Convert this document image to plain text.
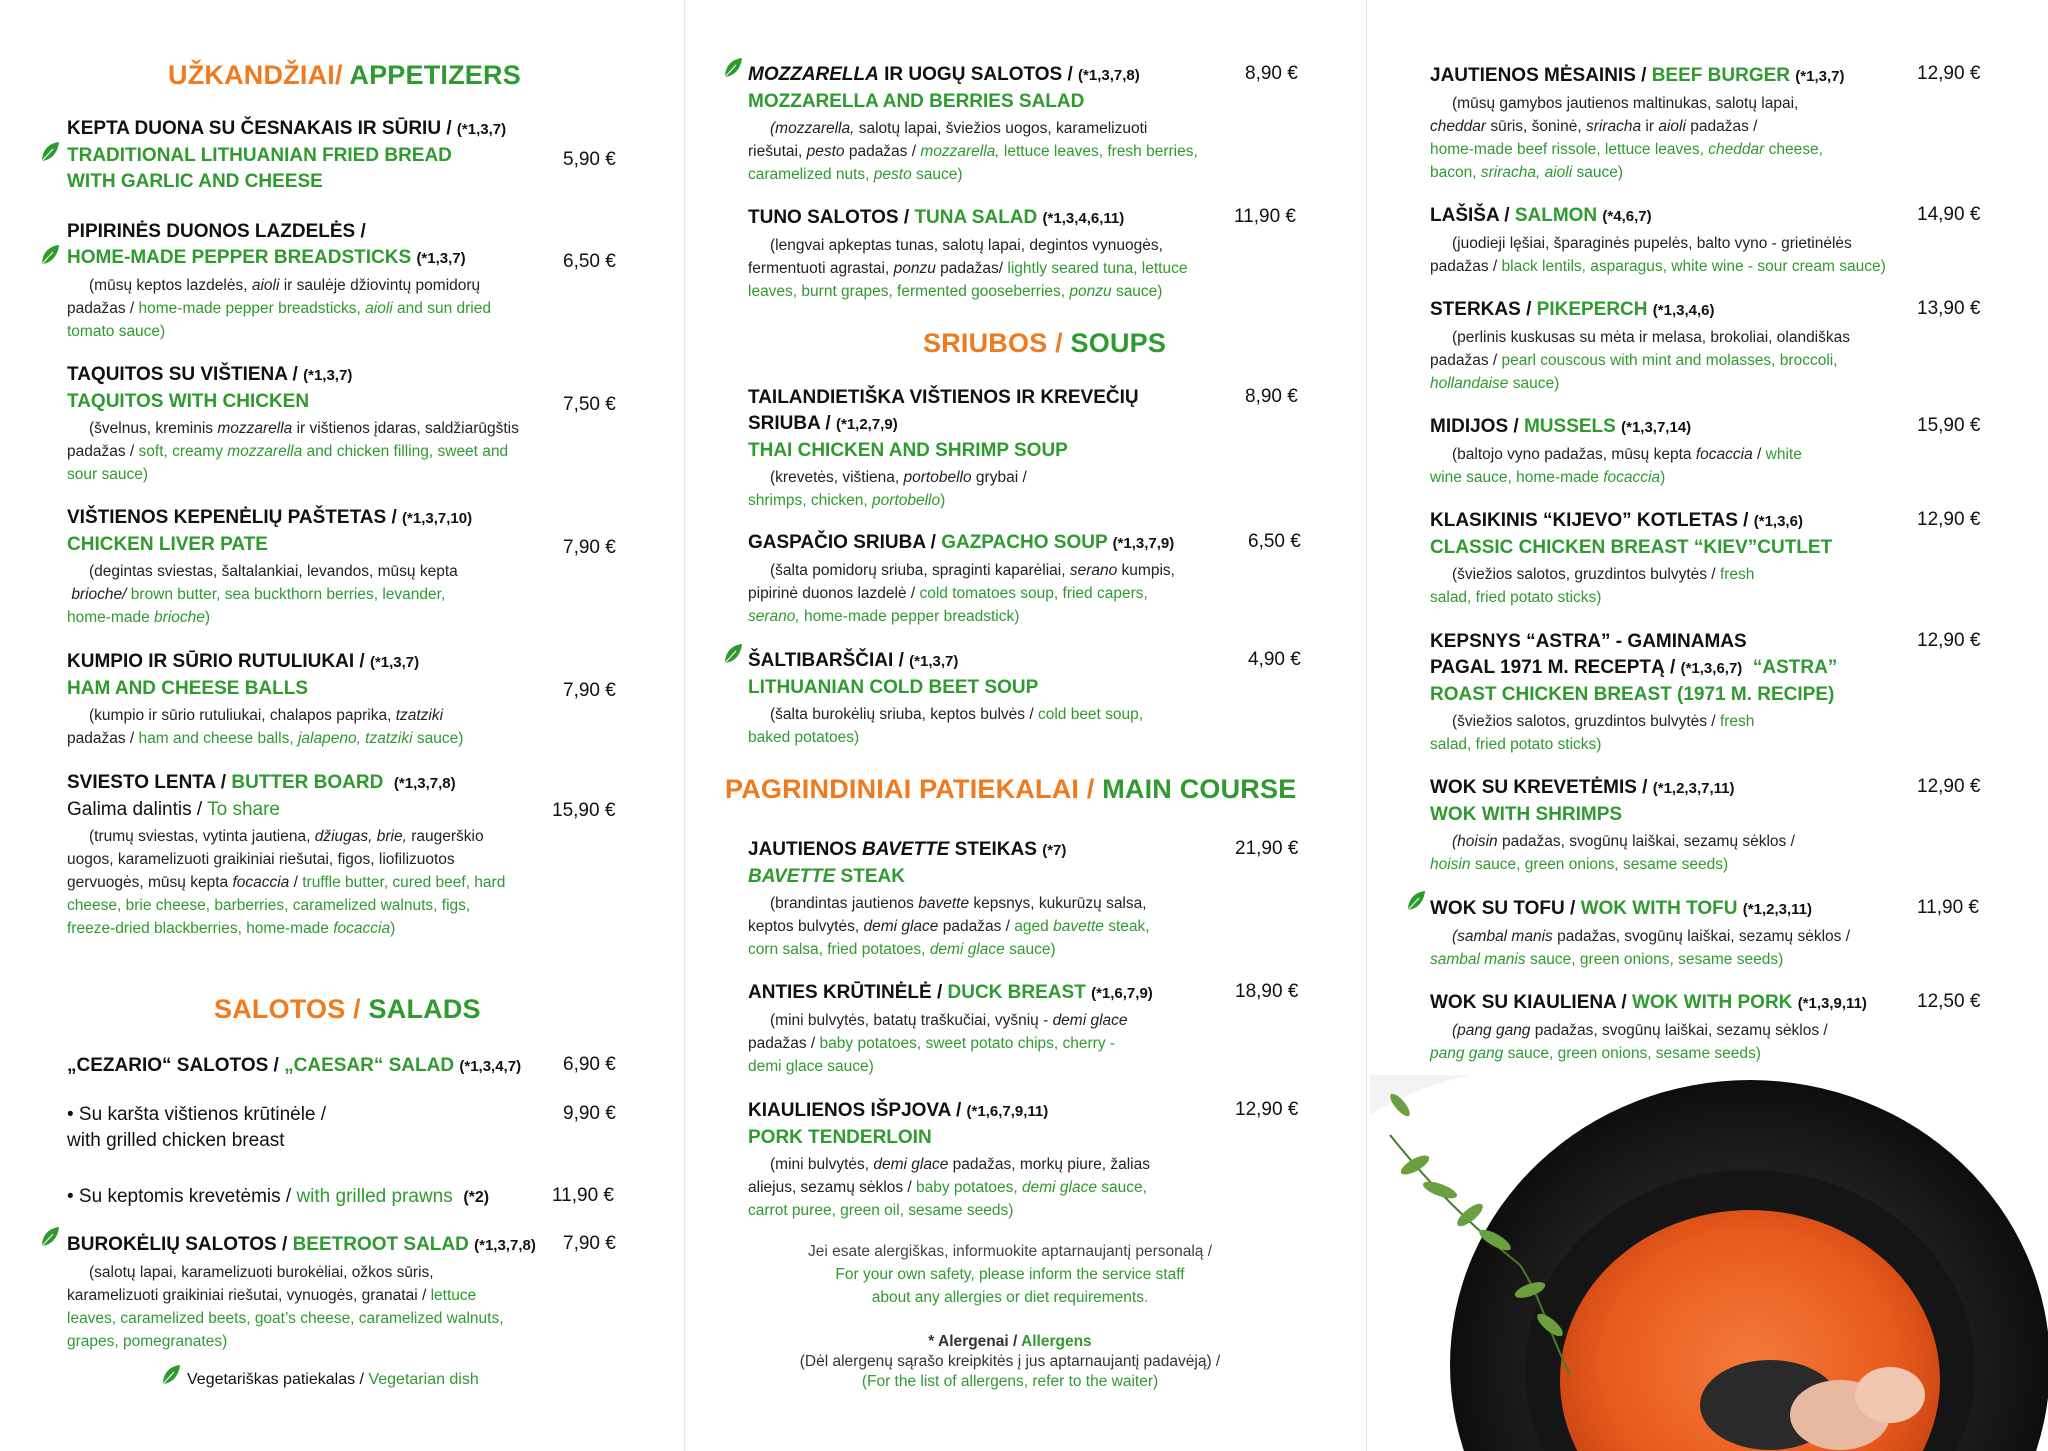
UŽKANDŽIAI/ APPETIZERS
KEPTA DUONA SU ČESNAKAIS IR SŪRIU / (*1,3,7)
TRADITIONAL LITHUANIAN FRIED BREAD
WITH GARLIC AND CHEESE
5,90 €
PIPIRINĖS DUONOS LAZDELĖS /
HOME-MADE PEPPER BREADSTICKS (*1,3,7)
(mūsų keptos lazdelės, aioli ir saulėje džiovintų pomidorų
padažas / home-made pepper breadsticks, aioli and sun dried
tomato sauce)
6,50 €
TAQUITOS SU VIŠTIENA / (*1,3,7)
TAQUITOS WITH CHICKEN
(švelnus, kreminis mozzarella ir vištienos įdaras, saldžiarūgštis
padažas / soft, creamy mozzarella and chicken filling, sweet and
sour sauce)
7,50 €
VIŠTIENOS KEPENĖLIŲ PAŠTETAS / (*1,3,7,10)
CHICKEN LIVER PATE
(degintas sviestas, šaltalankiai, levandos, mūsų kepta
brioche/ brown butter, sea buckthorn berries, levander,
home-made brioche)
7,90 €
KUMPIO IR SŪRIO RUTULIUKAI / (*1,3,7)
HAM AND CHEESE BALLS
(kumpio ir sūrio rutuliukai, chalapos paprika, tzatziki
padažas / ham and cheese balls, jalapeno, tzatziki sauce)
7,90 €
SVIESTO LENTA / BUTTER BOARD (*1,3,7,8)
Galima dalintis / To share
(trumų sviestas, vytinta jautiena, džiugas, brie, raugerškio
uogos, karamelizuoti graikiniai riešutai, figos, liofilizuotos
gervuogės, mūsų kepta focaccia / truffle butter, cured beef, hard
cheese, brie cheese, barberries, caramelized walnuts, figs,
freeze-dried blackberries, home-made focaccia)
15,90 €
SALOTOS / SALADS
„CEZARIO“ SALOTOS / „CAESAR“ SALAD (*1,3,4,7)	6,90 €
• Su karšta vištienos krūtinėle /
with grilled chicken breast
9,90 €
• Su keptomis krevetėmis / with grilled prawns (*2)	11,90 €
BUROKĖLIŲ SALOTOS / BEETROOT SALAD (*1,3,7,8)
(salotų lapai, karamelizuoti burokėliai, ožkos sūris,
karamelizuoti graikiniai riešutai, vynuogės, granatai / lettuce
leaves, caramelized beets, goat’s cheese, caramelized walnuts,
grapes, pomegranates)
7,90 €
Vegetariškas patiekalas / Vegetarian dish
MOZZARELLA IR UOGŲ SALOTOS / (*1,3,7,8)
MOZZARELLA AND BERRIES SALAD
(mozzarella, salotų lapai, šviežios uogos, karamelizuoti
riešutai, pesto padažas / mozzarella, lettuce leaves, fresh berries,
caramelized nuts, pesto sauce)
8,90 €
TUNO SALOTOS / TUNA SALAD (*1,3,4,6,11)
(lengvai apkeptas tunas, salotų lapai, degintos vynuogės,
fermentuoti agrastai, ponzu padažas/ lightly seared tuna, lettuce
leaves, burnt grapes, fermented gooseberries, ponzu sauce)
11,90 €
SRIUBOS / SOUPS
TAILANDIETIŠKA VIŠTIENOS IR KREVEČIŲ
SRIUBA / (*1,2,7,9)
THAI CHICKEN AND SHRIMP SOUP
(krevetės, vištiena, portobello grybai /
shrimps, chicken, portobello)
8,90 €
GASPAČIO SRIUBA / GAZPACHO SOUP (*1,3,7,9)
(šalta pomidorų sriuba, spraginti kaparėliai, serano kumpis,
pipirinė duonos lazdelė / cold tomatoes soup, fried capers,
serano, home-made pepper breadstick)
6,50 €
ŠALTIBARŠČIAI / (*1,3,7)
LITHUANIAN COLD BEET SOUP
(šalta burokėlių sriuba, keptos bulvės / cold beet soup,
baked potatoes)
4,90 €
PAGRINDINIAI PATIEKALAI / MAIN COURSE
JAUTIENOS BAVETTE STEIKAS (*7)
BAVETTE STEAK
(brandintas jautienos bavette kepsnys, kukurūzų salsa,
keptos bulvytės, demi glace padažas / aged bavette steak,
corn salsa, fried potatoes, demi glace sauce)
21,90 €
ANTIES KRŪTINĖLĖ / DUCK BREAST (*1,6,7,9)
(mini bulvytės, batatų traškučiai, vyšnių - demi glace
padažas / baby potatoes, sweet potato chips, cherry -
demi glace sauce)
18,90 €
KIAULIENOS IŠPJOVA / (*1,6,7,9,11)
PORK TENDERLOIN
(mini bulvytės, demi glace padažas, morkų piure, žalias
aliejus, sezamų sėklos / baby potatoes, demi glace sauce,
carrot puree, green oil, sesame seeds)
12,90 €
Jei esate alergiškas, informuokite aptarnaujantį personalą /
For your own safety, please inform the service staff
about any allergies or diet requirements.
* Alergenai / Allergens
(Dėl alergenų sąrašo kreipkitės į jus aptarnaujantį padavėją) /
(For the list of allergens, refer to the waiter)
JAUTIENOS MĖSAINIS / BEEF BURGER (*1,3,7)
(mūsų gamybos jautienos maltinukas, salotų lapai,
cheddar sūris, šoninė, sriracha ir aioli padažas /
home-made beef rissole, lettuce leaves, cheddar cheese,
bacon, sriracha, aioli sauce)
12,90 €
LAŠIŠA / SALMON (*4,6,7)
(juodieji lęšiai, šparaginės pupelės, balto vyno - grietinėlės
padažas / black lentils, asparagus, white wine - sour cream sauce)
14,90 €
STERKAS / PIKEPERCH (*1,3,4,6)
(perlinis kuskusas su mėta ir melasa, brokoliai, olandiškas
padažas / pearl couscous with mint and molasses, broccoli,
hollandaise sauce)
13,90 €
MIDIJOS / MUSSELS (*1,3,7,14)
(baltojo vyno padažas, mūsų kepta focaccia / white
wine sauce, home-made focaccia)
15,90 €
KLASIKINIS “KIJEVO” KOTLETAS / (*1,3,6)
CLASSIC CHICKEN BREAST “KIEV”CUTLET
(šviežios salotos, gruzdintos bulvytės / fresh
salad, fried potato sticks)
12,90 €
KEPSNYS “ASTRA” - GAMINAMAS
PAGAL 1971 M. RECEPTĄ / (*1,3,6,7) “ASTRA”
ROAST CHICKEN BREAST (1971 M. RECIPE)
(šviežios salotos, gruzdintos bulvytės / fresh
salad, fried potato sticks)
12,90 €
WOK SU KREVETĖMIS / (*1,2,3,7,11)
WOK WITH SHRIMPS
(hoisin padažas, svogūnų laiškai, sezamų sėklos /
hoisin sauce, green onions, sesame seeds)
12,90 €
WOK SU TOFU / WOK WITH TOFU (*1,2,3,11)
(sambal manis padažas, svogūnų laiškai, sezamų sėklos /
sambal manis sauce, green onions, sesame seeds)
11,90 €
WOK SU KIAULIENA / WOK WITH PORK (*1,3,9,11)
(pang gang padažas, svogūnų laiškai, sezamų sėklos /
pang gang sauce, green onions, sesame seeds)
12,50 €
